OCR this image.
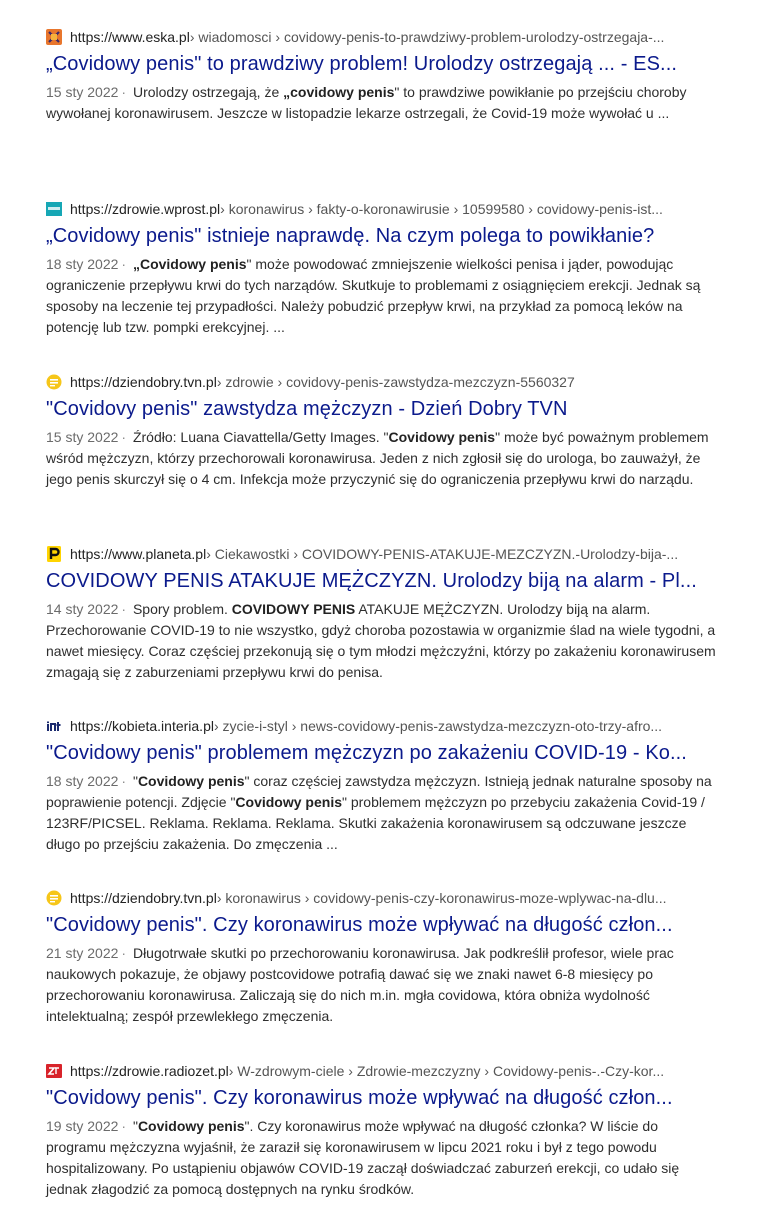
https://www.eska.pl › wiadomosci › covidowy-penis-to-prawdziwy-problem-urolodzy-ostrzegaja-...
„Covidowy penis" to prawdziwy problem! Urolodzy ostrzegają ... - ES...
15 sty 2022 · Urolodzy ostrzegają, że „covidowy penis" to prawdziwe powikłanie po przejściu choroby wywołanej koronawirusem. Jeszcze w listopadzie lekarze ostrzegali, że Covid-19 może wywołać u ...
https://zdrowie.wprost.pl › koronawirus › fakty-o-koronawirusie › 10599580 › covidowy-penis-ist...
„Covidowy penis" istnieje naprawdę. Na czym polega to powikłanie?
18 sty 2022 · „Covidowy penis" może powodować zmniejszenie wielkości penisa i jąder, powodując ograniczenie przepływu krwi do tych narządów. Skutkuje to problemami z osiągnięciem erekcji. Jednak są sposoby na leczenie tej przypadłości. Należy pobudzić przepływ krwi, na przykład za pomocą leków na potencję lub tzw. pompki erekcyjnej. ...
https://dziendobry.tvn.pl › zdrowie › covidovy-penis-zawstydza-mezczyzn-5560327
"Covidovy penis" zawstydza mężczyzn - Dzień Dobry TVN
15 sty 2022 · Źródło: Luana Ciavattella/Getty Images. "Covidowy penis" może być poważnym problemem wśród mężczyzn, którzy przechorowali koronawirusa. Jeden z nich zgłosił się do urologa, bo zauważył, że jego penis skurczył się o 4 cm. Infekcja może przyczynić się do ograniczenia przepływu krwi do narządu.
https://www.planeta.pl › Ciekawostki › COVIDOWY-PENIS-ATAKUJE-MEZCZYZN.-Urolodzy-bija-...
COVIDOWY PENIS ATAKUJE MĘŻCZYZN. Urolodzy biją na alarm - Pl...
14 sty 2022 · Spory problem. COVIDOWY PENIS ATAKUJE MĘŻCZYZN. Urolodzy biją na alarm. Przechorowanie COVID-19 to nie wszystko, gdyż choroba pozostawia w organizmie ślad na wiele tygodni, a nawet miesięcy. Coraz częściej przekonują się o tym młodzi mężczyźni, którzy po zakażeniu koronawirusem zmagają się z zaburzeniami przepływu krwi do penisa.
https://kobieta.interia.pl › zycie-i-styl › news-covidowy-penis-zawstydza-mezczyzn-oto-trzy-afro...
"Covidowy penis" problemem mężczyzn po zakażeniu COVID-19 - Ko...
18 sty 2022 · "Covidowy penis" coraz częściej zawstydza mężczyzn. Istnieją jednak naturalne sposoby na poprawienie potencji. Zdjęcie "Covidowy penis" problemem mężczyzn po przebyciu zakażenia Covid-19 / 123RF/PICSEL. Reklama. Reklama. Reklama. Skutki zakażenia koronawirusem są odczuwane jeszcze długo po przejściu zakażenia. Do zmęczenia ...
https://dziendobry.tvn.pl › koronawirus › covidowy-penis-czy-koronawirus-moze-wplywac-na-dlu...
"Covidowy penis". Czy koronawirus może wpływać na długość człon...
21 sty 2022 · Długotrwałe skutki po przechorowaniu koronawirusa. Jak podkreślił profesor, wiele prac naukowych pokazuje, że objawy postcovidowe potrafią dawać się we znaki nawet 6-8 miesięcy po przechorowaniu koronawirusa. Zaliczają się do nich m.in. mgła covidowa, która obniża wydolność intelektualną; zespół przewlekłego zmęczenia.
https://zdrowie.radiozet.pl › W-zdrowym-ciele › Zdrowie-mezczyzny › Covidowy-penis-.-Czy-kor...
"Covidowy penis". Czy koronawirus może wpływać na długość człon...
19 sty 2022 · "Covidowy penis". Czy koronawirus może wpływać na długość członka? W liście do programu mężczyzna wyjaśnił, że zaraził się koronawirusem w lipcu 2021 roku i był z tego powodu hospitalizowany. Po ustąpieniu objawów COVID-19 zaczął doświadczać zaburzeń erekcji, co udało się jednak złagodzić za pomocą dostępnych na rynku środków.
